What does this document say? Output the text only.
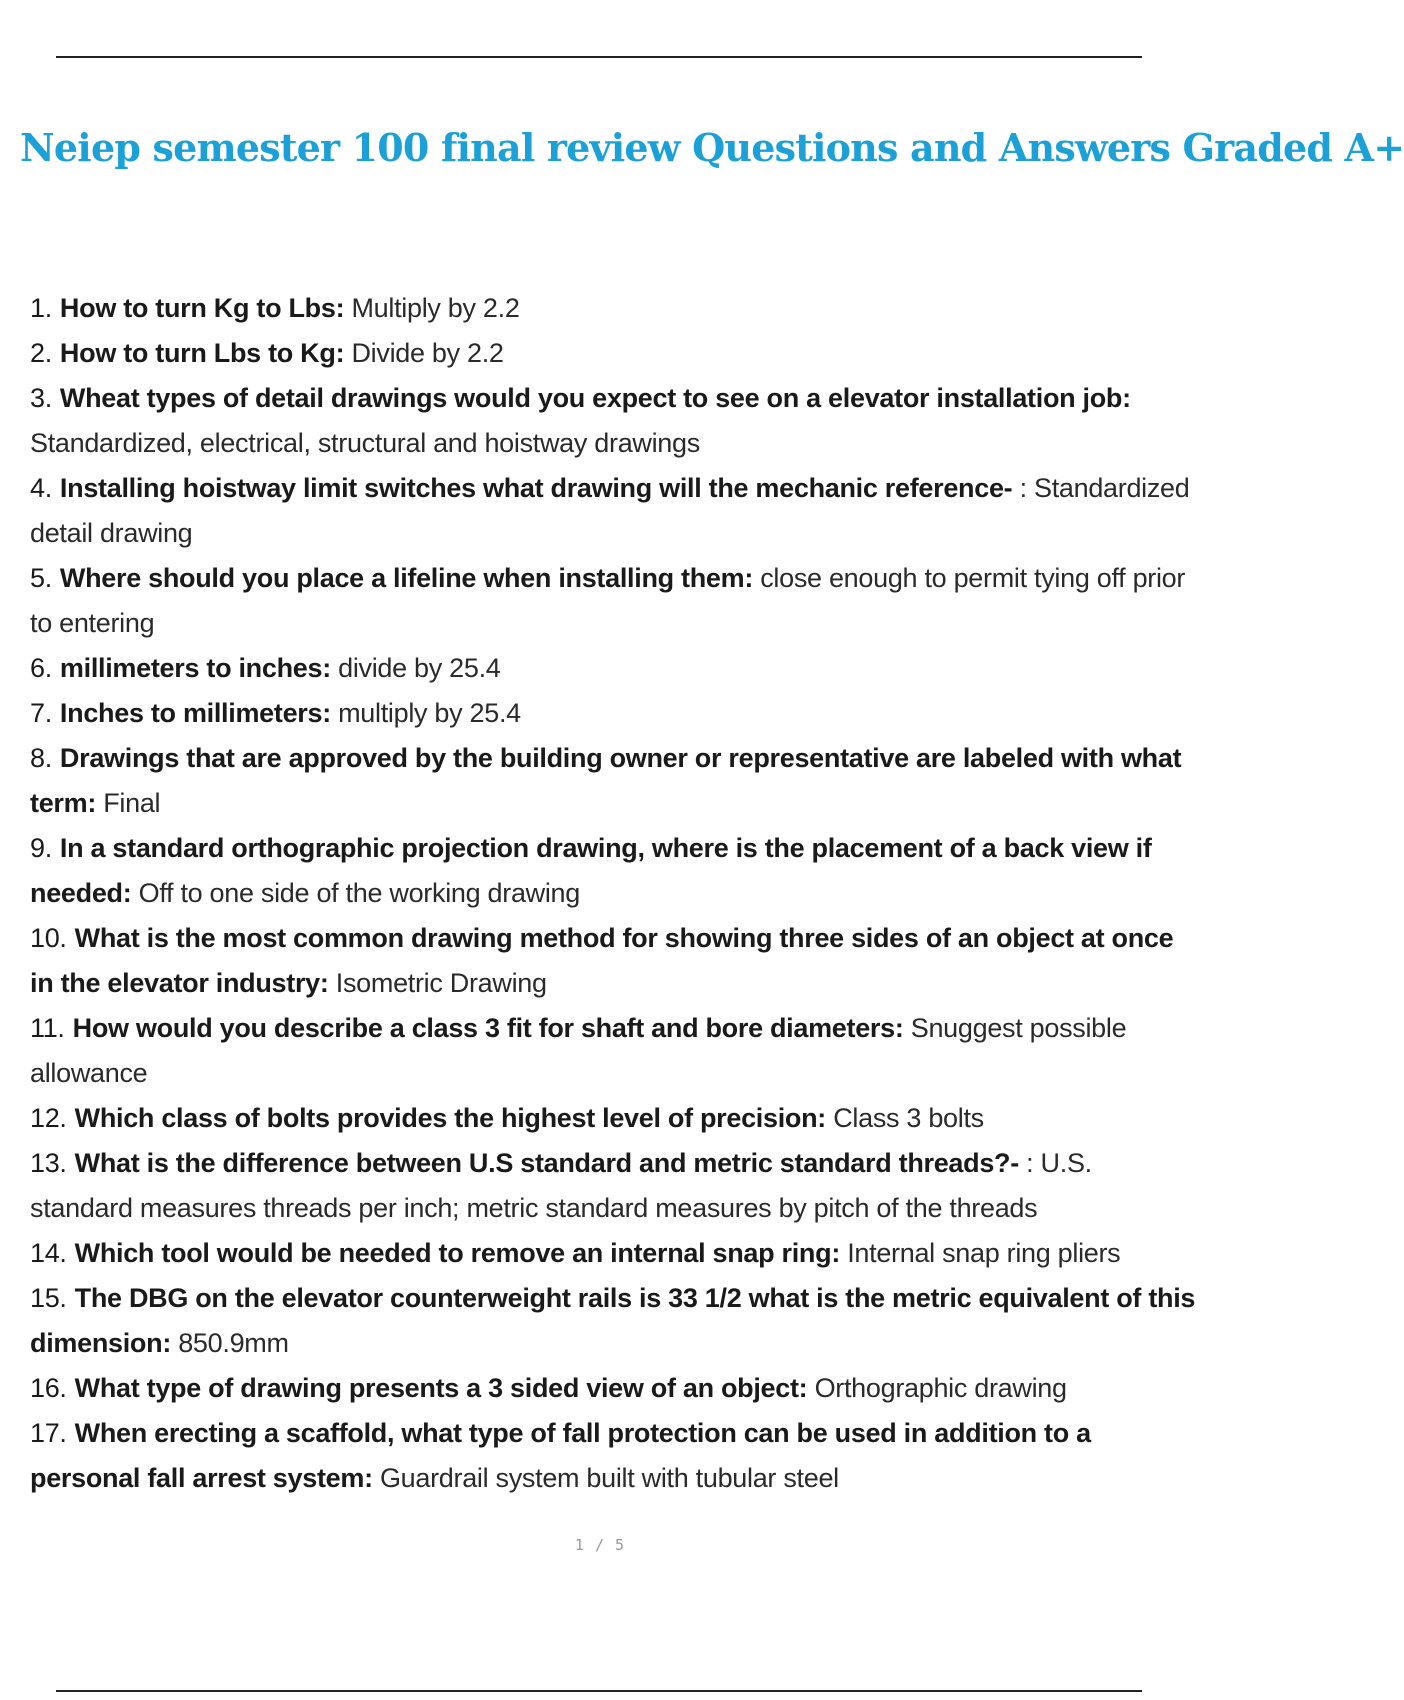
Neiep semester 100 final review Questions and Answers Graded A+
1. How to turn Kg to Lbs: Multiply by 2.2
2. How to turn Lbs to Kg: Divide by 2.2
3. Wheat types of detail drawings would you expect to see on a elevator installation job: Standardized, electrical, structural and hoistway drawings
4. Installing hoistway limit switches what drawing will the mechanic reference- : Standardized detail drawing
5. Where should you place a lifeline when installing them: close enough to permit tying off prior to entering
6. millimeters to inches: divide by 25.4
7. Inches to millimeters: multiply by 25.4
8. Drawings that are approved by the building owner or representative are labeled with what term: Final
9. In a standard orthographic projection drawing, where is the placement of a back view if needed: Off to one side of the working drawing
10. What is the most common drawing method for showing three sides of an object at once in the elevator industry: Isometric Drawing
11. How would you describe a class 3 fit for shaft and bore diameters: Snuggest possible allowance
12. Which class of bolts provides the highest level of precision: Class 3 bolts
13. What is the difference between U.S standard and metric standard threads?- : U.S. standard measures threads per inch; metric standard measures by pitch of the threads
14. Which tool would be needed to remove an internal snap ring: Internal snap ring pliers
15. The DBG on the elevator counterweight rails is 33 1/2 what is the metric equivalent of this dimension: 850.9mm
16. What type of drawing presents a 3 sided view of an object: Orthographic drawing
17. When erecting a scaffold, what type of fall protection can be used in addition to a personal fall arrest system: Guardrail system built with tubular steel
1 / 5
